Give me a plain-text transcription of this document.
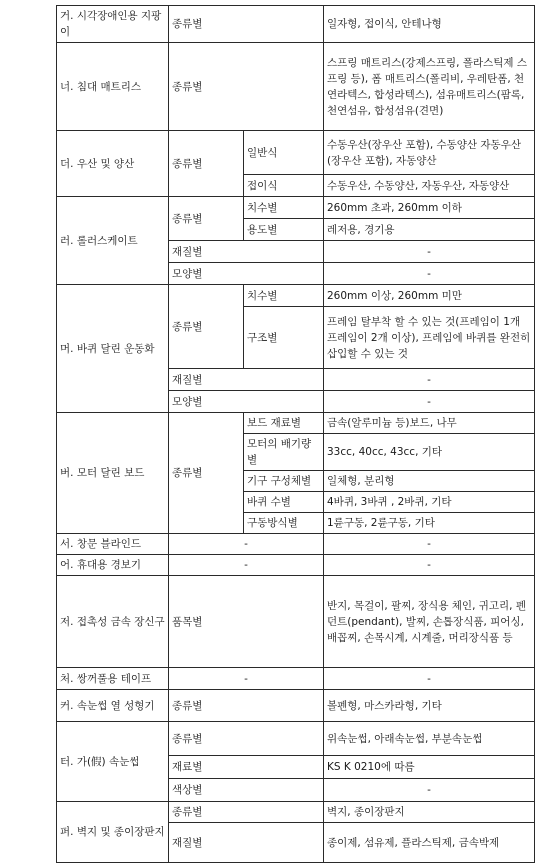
거. 시각장애인용 지팡이	종류별		일자형, 접이식, 안테나형
너. 침대 매트리스	종류별		스프링 매트리스(강제스프링, 폴라스틱제 스프링 등), 폼 매트리스(폴리비, 우레탄폼, 천연라텍스, 합성라텍스), 섬유매트리스(팜록, 천연섬유, 합성섬유(견면)
더. 우산 및 양산	종류별	일반식	수동우산(장우산 포함), 수동양산 자동우산(장우산 포함), 자동양산
		접이식	수동우산, 수동양산, 자동우산, 자동양산
러. 롤러스케이트	종류별	치수별	260mm 초과, 260mm 이하
		용도별	레저용, 경기용
	재질별		-
	모양별		-
머. 바퀴 달린 운동화	종류별	치수별	260mm 이상, 260mm 미만
		구조별	프레임 탈부착 할 수 있는 것(프레임이 1개 프레임이 2개 이상), 프레임에 바퀴를 완전히 삽입할 수 있는 것
	재질별		-
	모양별		-
버. 모터 달린 보드	종류별	보드 재료별	금속(알루미늄 등)보드, 나무
		모터의 배기량별	33cc, 40cc, 43cc, 기타
		기구 구성체별	일체형, 분리형
		바퀴 수별	4바퀴, 3바퀴 , 2바퀴, 기타
		구동방식별	1륜구동, 2륜구동, 기타
서. 창문 블라인드	-		-
어. 휴대용 경보기	-		-
저. 접촉성 금속 장신구	품목별		반지, 목걸이, 팔찌, 장식용 체인, 귀고리, 펜던트(pendant), 발찌, 손톱장식품, 피어싱, 배꼽찌, 손목시계, 시계줄, 머리장식품 등
처. 쌍꺼풀용 테이프	-		-
커. 속눈썹 열 성형기	종류별		볼펜형, 마스카라형, 기타
터. 가(假) 속눈썹	종류별		위속눈썹, 아래속눈썹, 부분속눈썹
	재료별		KS K 0210에 따름
	색상별		-
퍼. 벽지 및 종이장판지	종류별		벽지, 종이장판지
	재질별		종이제, 섬유제, 플라스틱제, 금속박제
